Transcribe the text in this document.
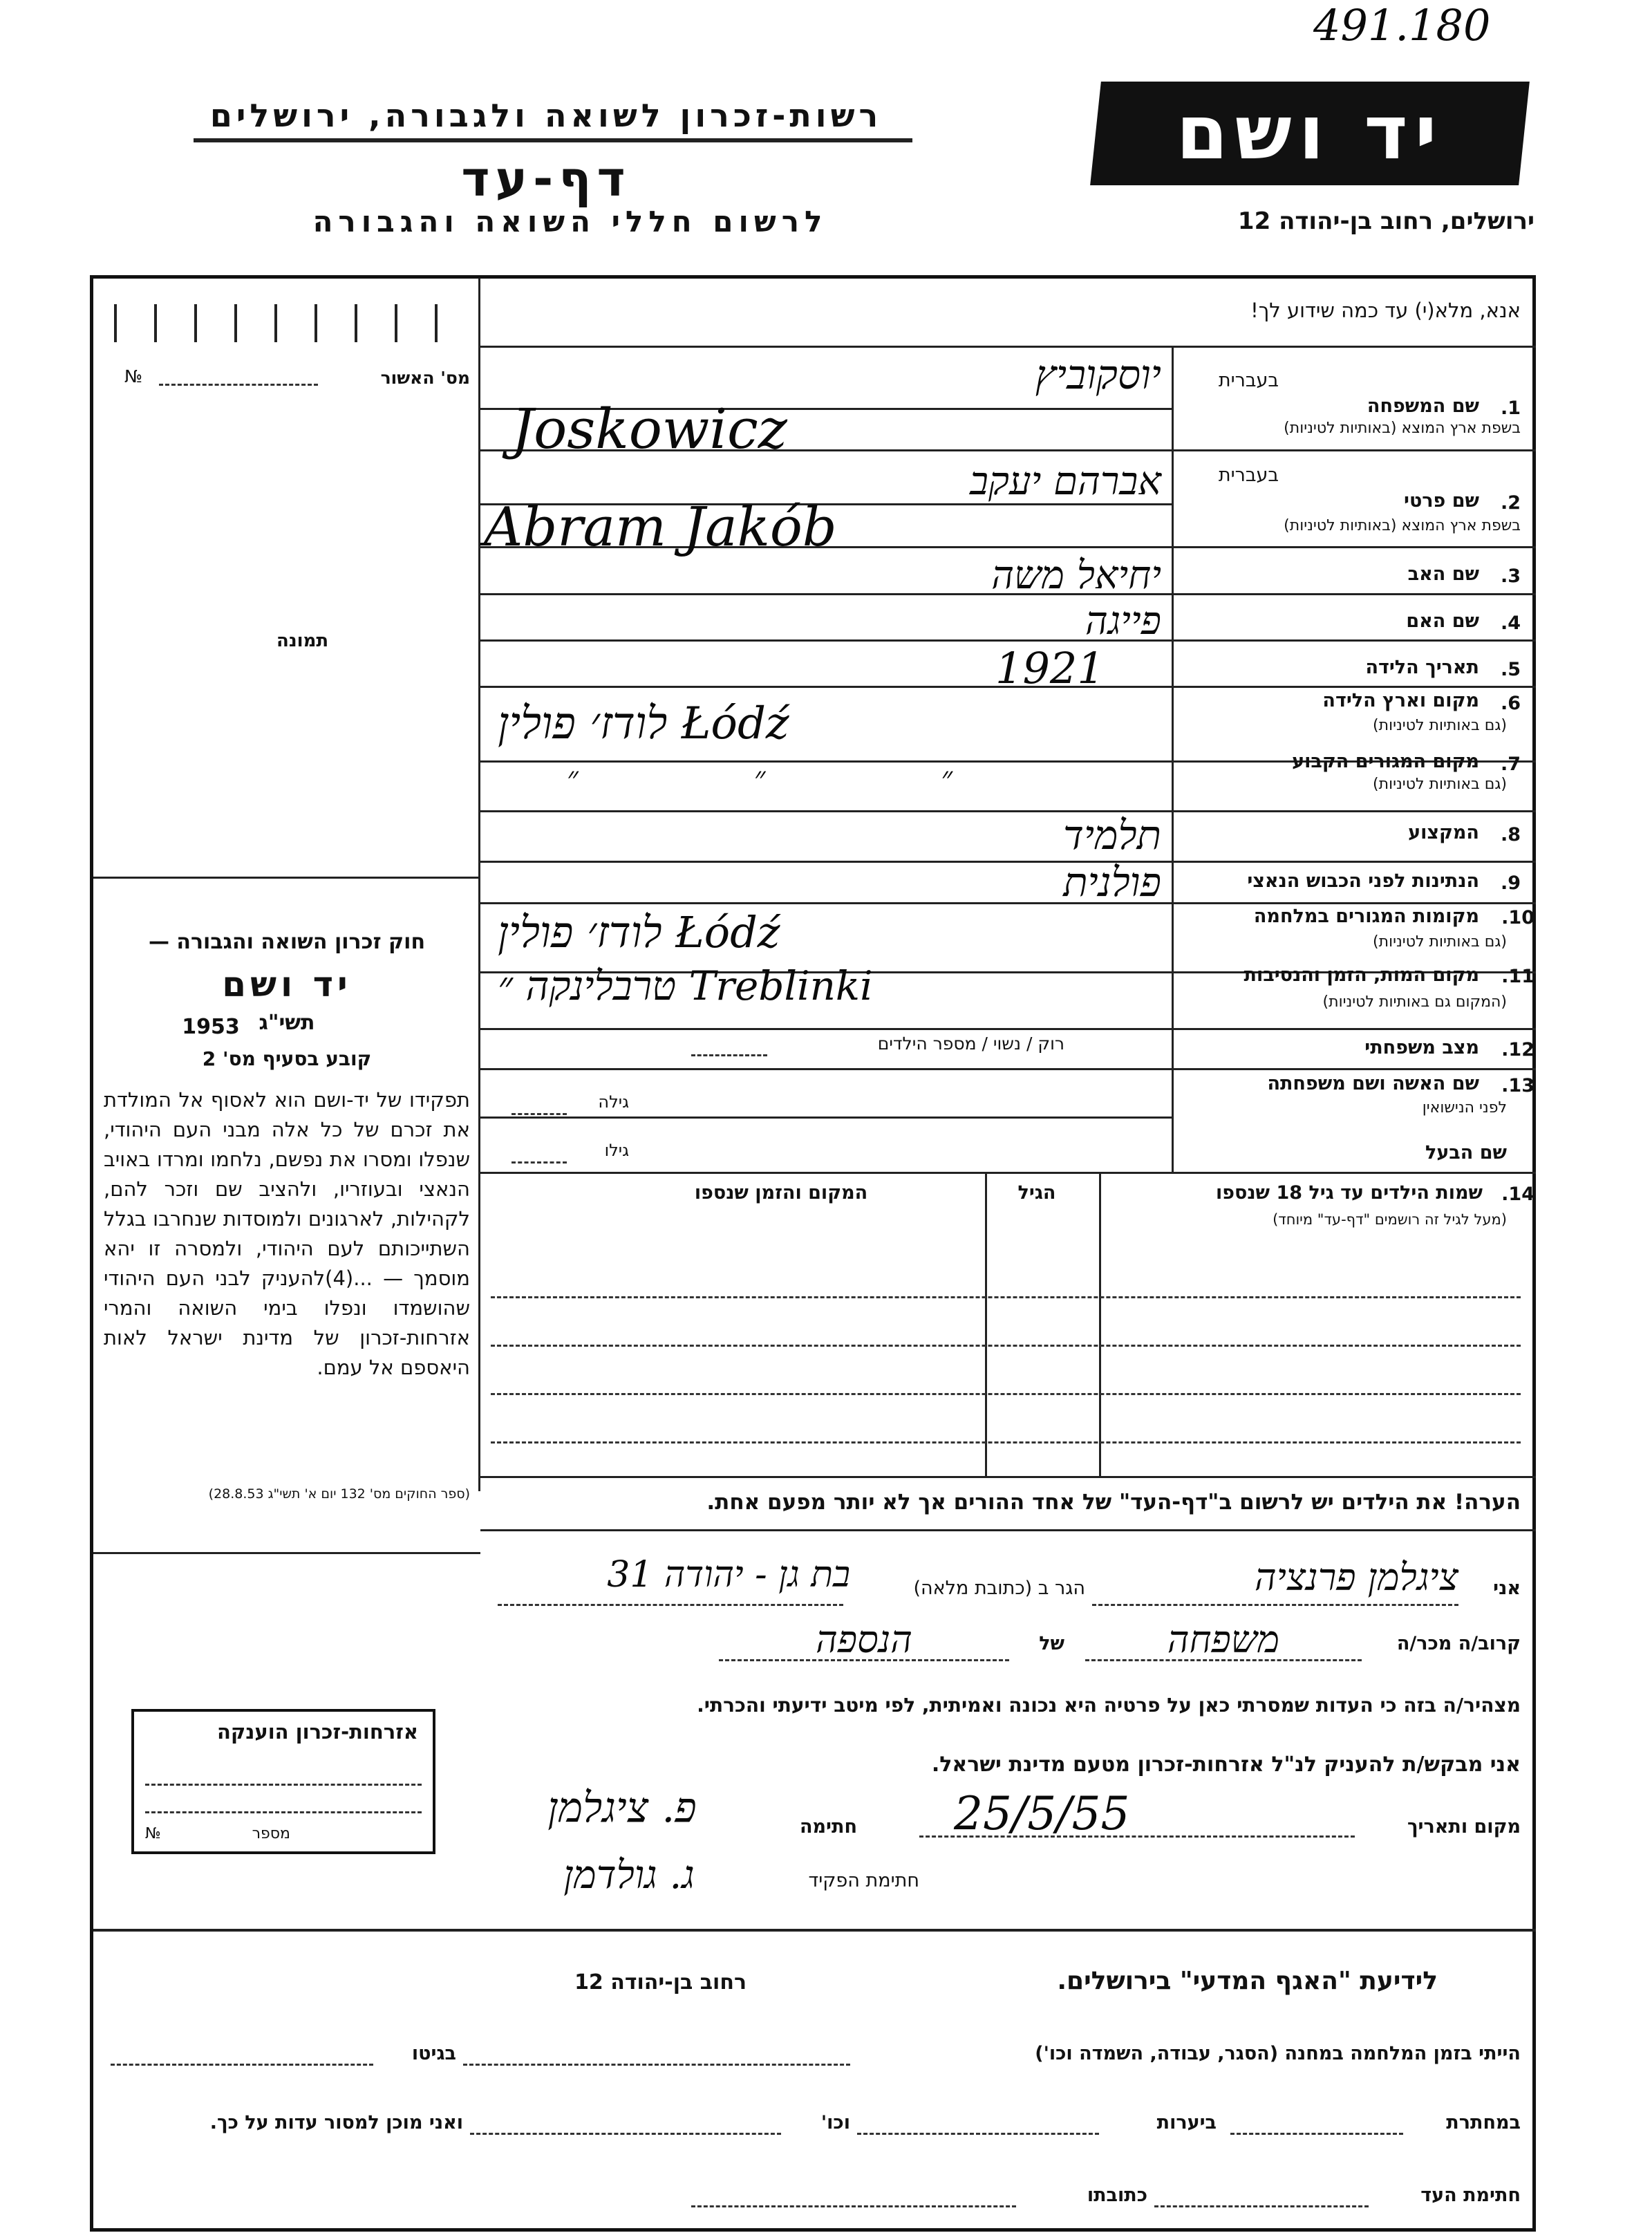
491.180
רשות-זכרון לשואה ולגבורה, ירושלים
דף-עד
לרשום חללי השואה והגבורה
יד ושם
ירושלים, רחוב בן-יהודה 12
מס' האשור
№
תמונה
חוק זכרון השואה והגבורה —
יד ושם
תשי"ג
1953
קובע בסעיף מס' 2
תפקידו של יד-ושם הוא לאסוף אל המולדת את זכרם של כל אלה מבני העם היהודי, שנפלו ומסרו את נפשם, נלחמו ומרדו באויב הנאצי ובעוזריו, ולהציב שם וזכר להם, לקהילות, לארגונים ולמוסדות שנחרבו בגלל השתייכותם לעם היהודי, ולמסרה זו יהא מוסמך — ...(4)להעניק לבני העם היהודי שהושמדו ונפלו בימי השואה והמרי אזרחות-זכרון של מדינת ישראל לאות היאספם אל עמם.
(ספר החוקים מס' 132 יום א' תשי"ג 28.8.53)
אנא, מלא(י) עד כמה שידוע לך!
בעברית
1.
שם המשפחה
בשפת ארץ המוצא (באותיות לטיניות)
בעברית
2.
שם פרטי
בשפת ארץ המוצא (באותיות לטיניות)
3.
שם האב
4.
שם האם
5.
תאריך הלידה
6.
מקום וארץ הלידה
(גם באותיות לטיניות)
7.
מקום המגורים הקבוע
(גם באותיות לטיניות)
8.
המקצוע
9.
הנתינות לפני הכבוש הנאצי
10.
מקומות המגורים במלחמה
(גם באותיות לטיניות)
11.
מקום המות, הזמן והנסיבות
(המקום גם באותיות לטיניות)
12.
מצב משפחתי
13.
שם האשה ושם משפחתה
לפני הנישואין
שם הבעל
יוסקוביץ
Joskowicz
אברהם יעקב
Abram Jakób
יחיאל משה
פייגה
1921
לודז׳ פולין Łódź
״ ״ ״
תלמיד
פולנית
לודז׳ פולין Łódź
טרבלינקה ״ Treblinki
רוק / נשוי / מספר הילדים
גילה
גילו
14.
שמות הילדים עד גיל 18 שנספו
(מעל לגיל זה רושמים "דף-עד" מיוחד)
הגיל
המקום והזמן שנספו
הערה! את הילדים יש לרשום ב"דף-העד" של אחד ההורים אך לא יותר מפעם אחת.
אני
ציגלמן פרנציה
הגר ב (כתובת מלאה)
בת גן - יהודה 31
קרוב/ה מכר/ה
משפחה
של
הנספה
מצהיר/ה בזה כי העדות שמסרתי כאן על פרטיה היא נכונה ואמיתית, לפי מיטב ידיעתי והכרתי.
אני מבקש/ת להעניק לנ"ל אזרחות-זכרון מטעם מדינת ישראל.
מקום ותאריך
25/5/55
חתימה
פ. ציגלמן
חתימת הפקיד
ג. גולדמן
אזרחות-זכרון הוענקה
מספר
№
לידיעת "האגף המדעי" בירושלים.
רחוב בן-יהודה 12
הייתי בזמן המלחמה במחנה (הסגר, עבודה, השמדה וכו')
בגיטו
במחתרת
ביערות
וכו'
ואני מוכן למסור עדות על כך.
חתימת העד
כתובתו
